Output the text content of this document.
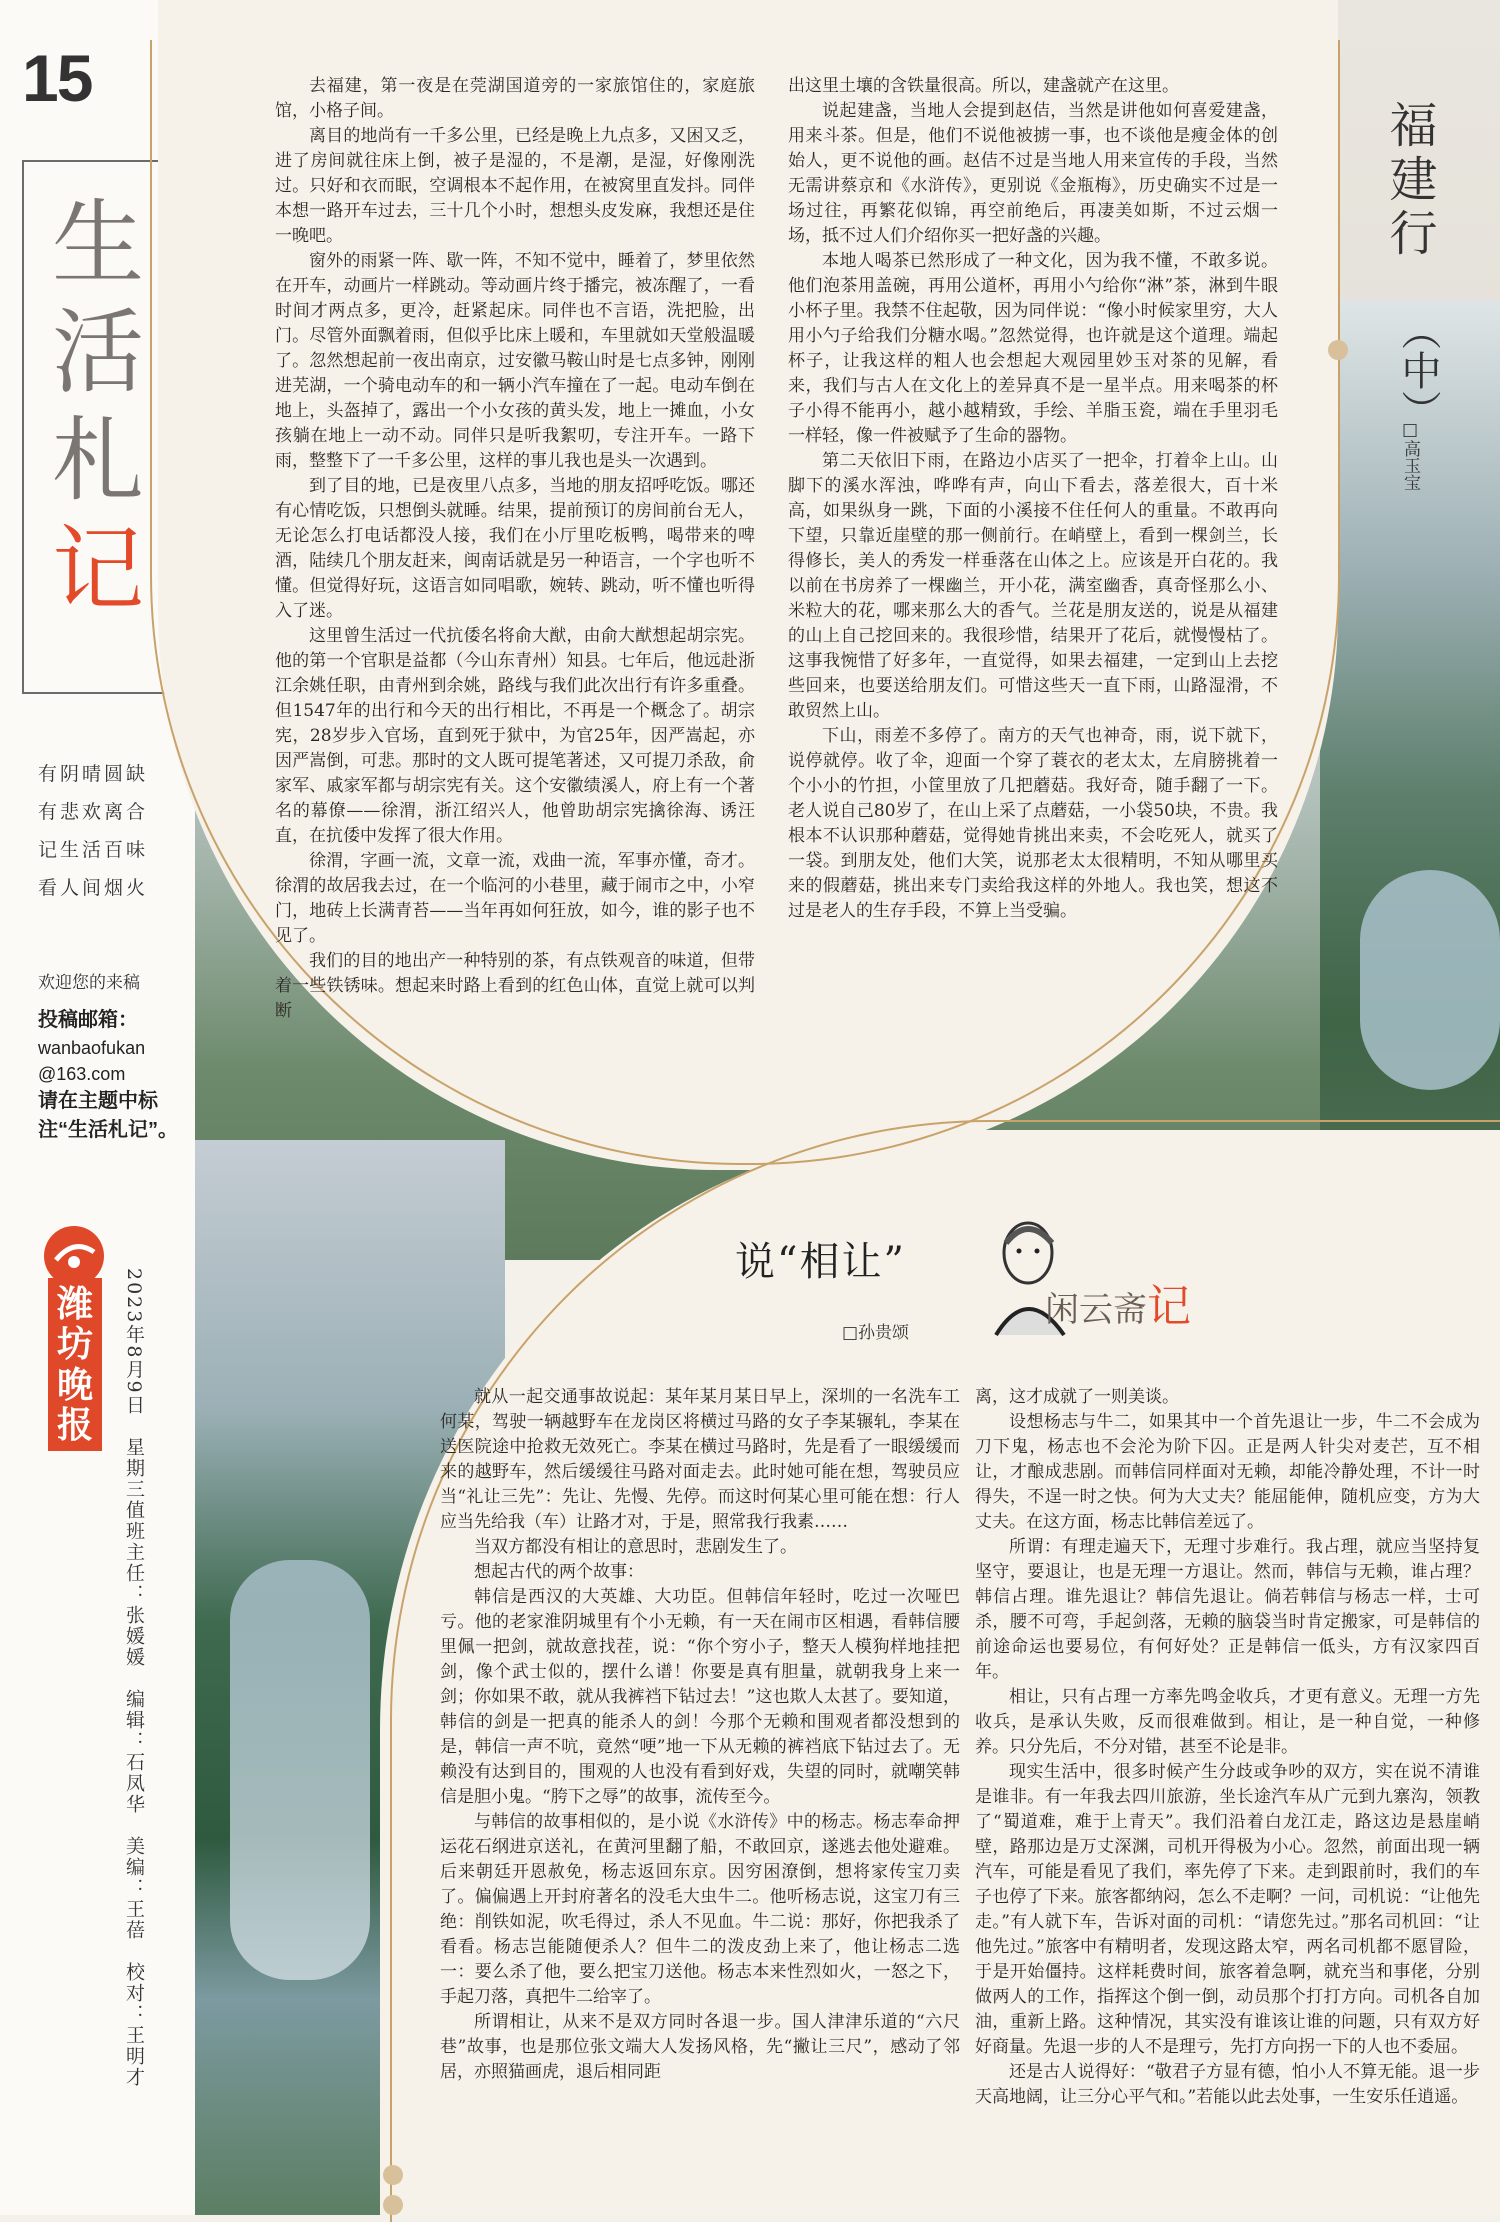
15
生
活
札
记
有阴晴圆缺
有悲欢离合
记生活百味
看人间烟火
欢迎您的来稿
投稿邮箱：
wanbaofukan
@163.com
请在主题中标注“生活札记”。
潍
坊
晚
报	2023年8月9日　星期三
值班主任：张媛媛　编辑：石凤华　美编：王蓓　校对：王明才
福建行
（中）
□高玉宝

去福建，第一夜是在莞湖国道旁的一家旅馆住的，家庭旅馆，小格子间。

离目的地尚有一千多公里，已经是晚上九点多，又困又乏，进了房间就往床上倒，被子是湿的，不是潮，是湿，好像刚洗过。只好和衣而眠，空调根本不起作用，在被窝里直发抖。同伴本想一路开车过去，三十几个小时，想想头皮发麻，我想还是住一晚吧。

窗外的雨紧一阵、歇一阵，不知不觉中，睡着了，梦里依然在开车，动画片一样跳动。等动画片终于播完，被冻醒了，一看时间才两点多，更冷，赶紧起床。同伴也不言语，洗把脸，出门。尽管外面飘着雨，但似乎比床上暖和，车里就如天堂般温暖了。忽然想起前一夜出南京，过安徽马鞍山时是七点多钟，刚刚进芜湖，一个骑电动车的和一辆小汽车撞在了一起。电动车倒在地上，头盔掉了，露出一个小女孩的黄头发，地上一摊血，小女孩躺在地上一动不动。同伴只是听我絮叨，专注开车。一路下雨，整整下了一千多公里，这样的事儿我也是头一次遇到。

到了目的地，已是夜里八点多，当地的朋友招呼吃饭。哪还有心情吃饭，只想倒头就睡。结果，提前预订的房间前台无人，无论怎么打电话都没人接，我们在小厅里吃板鸭，喝带来的啤酒，陆续几个朋友赶来，闽南话就是另一种语言，一个字也听不懂。但觉得好玩，这语言如同唱歌，婉转、跳动，听不懂也听得入了迷。

这里曾生活过一代抗倭名将俞大猷，由俞大猷想起胡宗宪。他的第一个官职是益都（今山东青州）知县。七年后，他远赴浙江余姚任职，由青州到余姚，路线与我们此次出行有许多重叠。但1547年的出行和今天的出行相比，不再是一个概念了。胡宗宪，28岁步入官场，直到死于狱中，为官25年，因严嵩起，亦因严嵩倒，可悲。那时的文人既可提笔著述，又可提刀杀敌，俞家军、戚家军都与胡宗宪有关。这个安徽绩溪人，府上有一个著名的幕僚——徐渭，浙江绍兴人，他曾助胡宗宪擒徐海、诱汪直，在抗倭中发挥了很大作用。

徐渭，字画一流，文章一流，戏曲一流，军事亦懂，奇才。徐渭的故居我去过，在一个临河的小巷里，藏于闹市之中，小窄门，地砖上长满青苔——当年再如何狂放，如今，谁的影子也不见了。

我们的目的地出产一种特别的茶，有点铁观音的味道，但带着一些铁锈味。想起来时路上看到的红色山体，直觉上就可以判断

出这里土壤的含铁量很高。所以，建盏就产在这里。

说起建盏，当地人会提到赵佶，当然是讲他如何喜爱建盏，用来斗茶。但是，他们不说他被掳一事，也不谈他是瘦金体的创始人，更不说他的画。赵佶不过是当地人用来宣传的手段，当然无需讲蔡京和《水浒传》，更别说《金瓶梅》，历史确实不过是一场过往，再繁花似锦，再空前绝后，再凄美如斯，不过云烟一场，抵不过人们介绍你买一把好盏的兴趣。

本地人喝茶已然形成了一种文化，因为我不懂，不敢多说。他们泡茶用盖碗，再用公道杯，再用小勺给你“淋”茶，淋到牛眼小杯子里。我禁不住起敬，因为同伴说：“像小时候家里穷，大人用小勺子给我们分糖水喝。”忽然觉得，也许就是这个道理。端起杯子，让我这样的粗人也会想起大观园里妙玉对茶的见解，看来，我们与古人在文化上的差异真不是一星半点。用来喝茶的杯子小得不能再小，越小越精致，手绘、羊脂玉瓷，端在手里羽毛一样轻，像一件被赋予了生命的器物。

第二天依旧下雨，在路边小店买了一把伞，打着伞上山。山脚下的溪水浑浊，哗哗有声，向山下看去，落差很大，百十米高，如果纵身一跳，下面的小溪接不住任何人的重量。不敢再向下望，只靠近崖壁的那一侧前行。在峭壁上，看到一棵剑兰，长得修长，美人的秀发一样垂落在山体之上。应该是开白花的。我以前在书房养了一棵幽兰，开小花，满室幽香，真奇怪那么小、米粒大的花，哪来那么大的香气。兰花是朋友送的，说是从福建的山上自己挖回来的。我很珍惜，结果开了花后，就慢慢枯了。这事我惋惜了好多年，一直觉得，如果去福建，一定到山上去挖些回来，也要送给朋友们。可惜这些天一直下雨，山路湿滑，不敢贸然上山。

下山，雨差不多停了。南方的天气也神奇，雨，说下就下，说停就停。收了伞，迎面一个穿了蓑衣的老太太，左肩膀挑着一个小小的竹担，小筐里放了几把蘑菇。我好奇，随手翻了一下。老人说自己80岁了，在山上采了点蘑菇，一小袋50块，不贵。我根本不认识那种蘑菇，觉得她肯挑出来卖，不会吃死人，就买了一袋。到朋友处，他们大笑，说那老太太很精明，不知从哪里买来的假蘑菇，挑出来专门卖给我这样的外地人。我也笑，想这不过是老人的生存手段，不算上当受骗。

说“相让”
□孙贵颂
闲云斋记

就从一起交通事故说起：某年某月某日早上，深圳的一名洗车工何某，驾驶一辆越野车在龙岗区将横过马路的女子李某辗轧，李某在送医院途中抢救无效死亡。李某在横过马路时，先是看了一眼缓缓而来的越野车，然后缓缓往马路对面走去。此时她可能在想，驾驶员应当“礼让三先”：先让、先慢、先停。而这时何某心里可能在想：行人应当先给我（车）让路才对，于是，照常我行我素……

当双方都没有相让的意思时，悲剧发生了。

想起古代的两个故事：

韩信是西汉的大英雄、大功臣。但韩信年轻时，吃过一次哑巴亏。他的老家淮阴城里有个小无赖，有一天在闹市区相遇，看韩信腰里佩一把剑，就故意找茬，说：“你个穷小子，整天人模狗样地挂把剑，像个武士似的，摆什么谱！你要是真有胆量，就朝我身上来一剑；你如果不敢，就从我裤裆下钻过去！”这也欺人太甚了。要知道，韩信的剑是一把真的能杀人的剑！今那个无赖和围观者都没想到的是，韩信一声不吭，竟然“哽”地一下从无赖的裤裆底下钻过去了。无赖没有达到目的，围观的人也没有看到好戏，失望的同时，就嘲笑韩信是胆小鬼。“胯下之辱”的故事，流传至今。

与韩信的故事相似的，是小说《水浒传》中的杨志。杨志奉命押运花石纲进京送礼，在黄河里翻了船，不敢回京，遂逃去他处避难。后来朝廷开恩赦免，杨志返回东京。因穷困潦倒，想将家传宝刀卖了。偏偏遇上开封府著名的没毛大虫牛二。他听杨志说，这宝刀有三绝：削铁如泥，吹毛得过，杀人不见血。牛二说：那好，你把我杀了看看。杨志岂能随便杀人？但牛二的泼皮劲上来了，他让杨志二选一：要么杀了他，要么把宝刀送他。杨志本来性烈如火，一怒之下，手起刀落，真把牛二给宰了。

所谓相让，从来不是双方同时各退一步。国人津津乐道的“六尺巷”故事，也是那位张文端大人发扬风格，先“撇让三尺”，感动了邻居，亦照猫画虎，退后相同距

离，这才成就了一则美谈。

设想杨志与牛二，如果其中一个首先退让一步，牛二不会成为刀下鬼，杨志也不会沦为阶下囚。正是两人针尖对麦芒，互不相让，才酿成悲剧。而韩信同样面对无赖，却能冷静处理，不计一时得失，不逞一时之快。何为大丈夫？能屈能伸，随机应变，方为大丈夫。在这方面，杨志比韩信差远了。

所谓：有理走遍天下，无理寸步难行。我占理，就应当坚持复坚守，要退让，也是无理一方退让。然而，韩信与无赖，谁占理？韩信占理。谁先退让？韩信先退让。倘若韩信与杨志一样，士可杀，腰不可弯，手起剑落，无赖的脑袋当时肯定搬家，可是韩信的前途命运也要易位，有何好处？正是韩信一低头，方有汉家四百年。

相让，只有占理一方率先鸣金收兵，才更有意义。无理一方先收兵，是承认失败，反而很难做到。相让，是一种自觉，一种修养。只分先后，不分对错，甚至不论是非。

现实生活中，很多时候产生分歧或争吵的双方，实在说不清谁是谁非。有一年我去四川旅游，坐长途汽车从广元到九寨沟，领教了“蜀道难，难于上青天”。我们沿着白龙江走，路这边是悬崖峭壁，路那边是万丈深渊，司机开得极为小心。忽然，前面出现一辆汽车，可能是看见了我们，率先停了下来。走到跟前时，我们的车子也停了下来。旅客都纳闷，怎么不走啊？一问，司机说：“让他先走。”有人就下车，告诉对面的司机：“请您先过。”那名司机回：“让他先过。”旅客中有精明者，发现这路太窄，两名司机都不愿冒险，于是开始僵持。这样耗费时间，旅客着急啊，就充当和事佬，分别做两人的工作，指挥这个倒一倒，动员那个打打方向。司机各自加油，重新上路。这种情况，其实没有谁该让谁的问题，只有双方好好商量。先退一步的人不是理亏，先打方向拐一下的人也不委屈。

还是古人说得好：“敬君子方显有德，怕小人不算无能。退一步天高地阔，让三分心平气和。”若能以此去处事，一生安乐任逍遥。
